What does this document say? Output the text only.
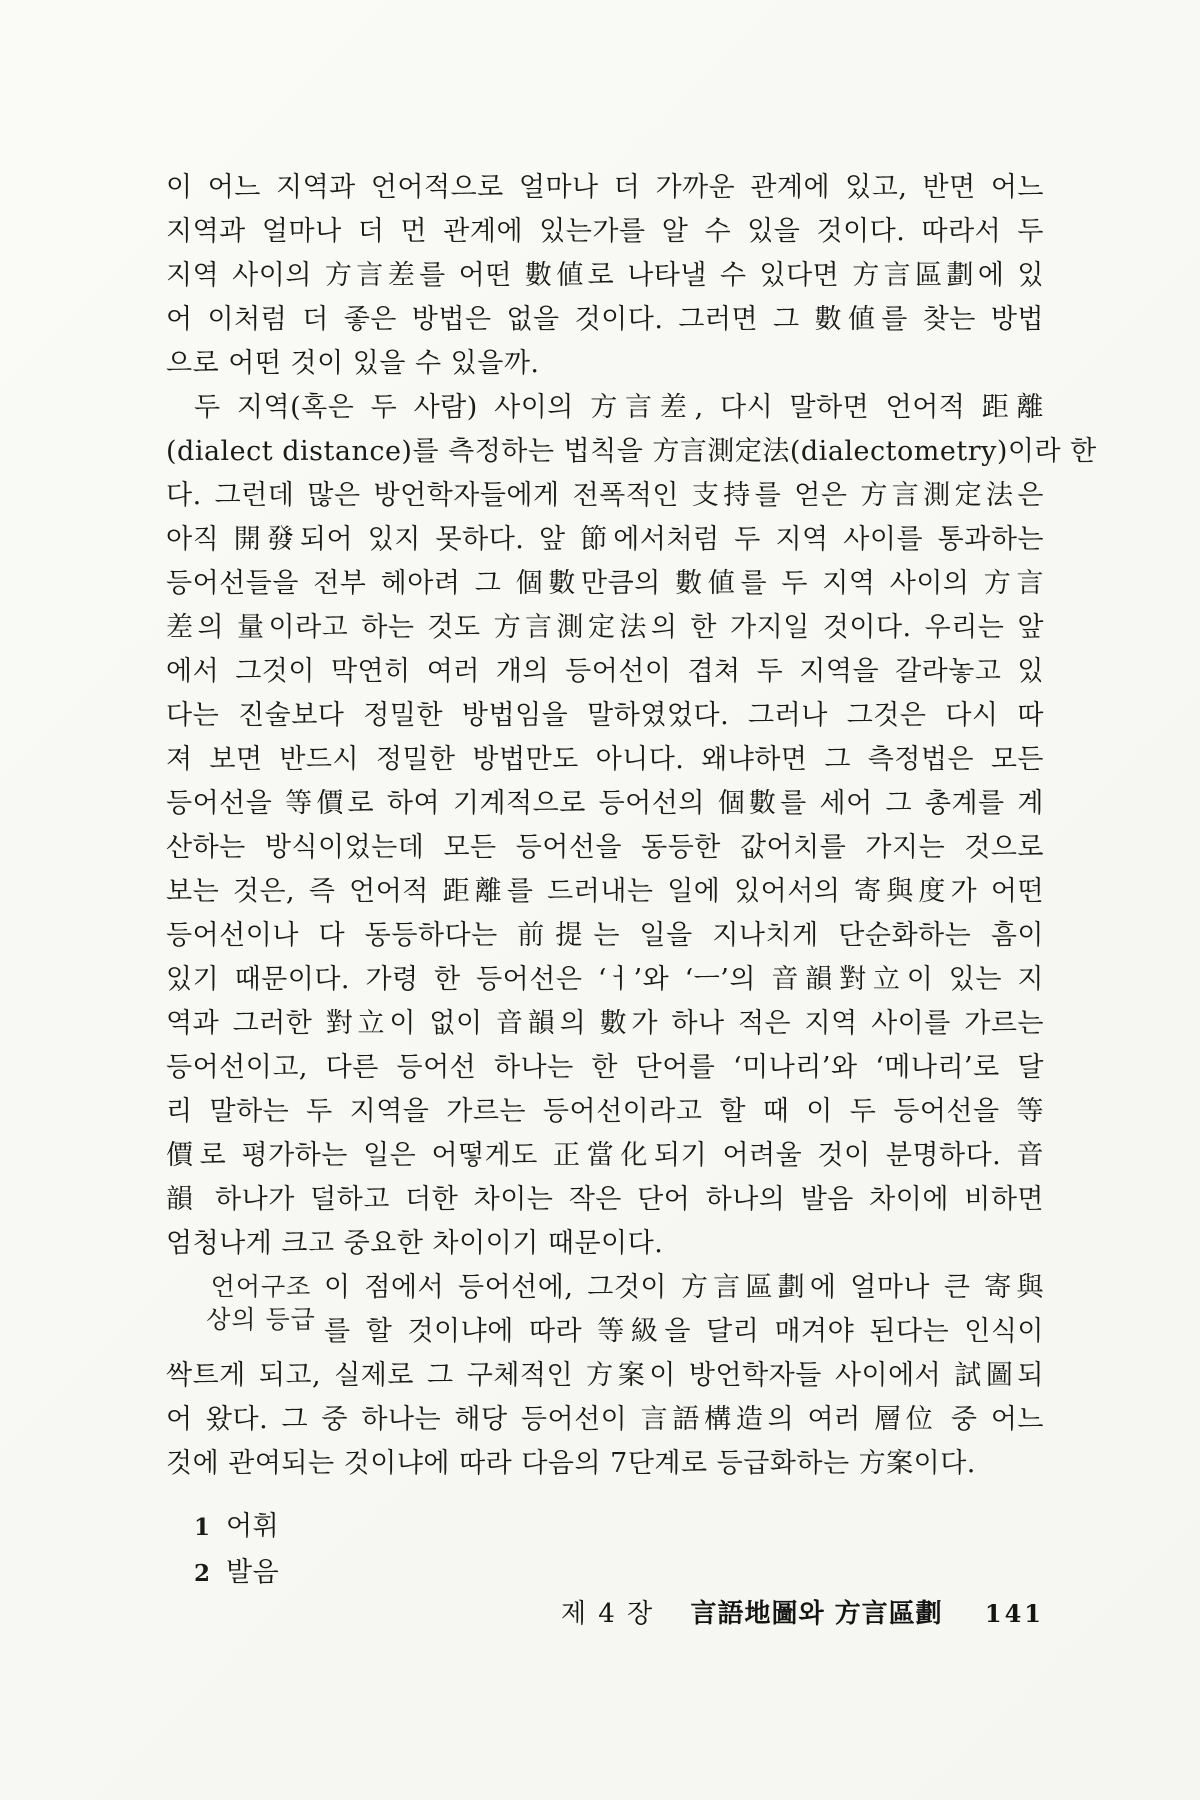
이 어느 지역과 언어적으로 얼마나 더 가까운 관계에 있고, 반면 어느
지역과 얼마나 더 먼 관계에 있는가를 알 수 있을 것이다. 따라서 두
지역 사이의 方言差를 어떤 數値로 나타낼 수 있다면 方言區劃에 있
어 이처럼 더 좋은 방법은 없을 것이다. 그러면 그 數値를 찾는 방법
으로 어떤 것이 있을 수 있을까.
두 지역(혹은 두 사람) 사이의 方言差, 다시 말하면 언어적 距離
(dialect distance)를 측정하는 법칙을 方言測定法(dialectometry)이라 한
다. 그런데 많은 방언학자들에게 전폭적인 支持를 얻은 方言測定法은
아직 開發되어 있지 못하다. 앞 節에서처럼 두 지역 사이를 통과하는
등어선들을 전부 헤아려 그 個數만큼의 數値를 두 지역 사이의 方言
差의 量이라고 하는 것도 方言測定法의 한 가지일 것이다. 우리는 앞
에서 그것이 막연히 여러 개의 등어선이 겹쳐 두 지역을 갈라놓고 있
다는 진술보다 정밀한 방법임을 말하였었다. 그러나 그것은 다시 따
져 보면 반드시 정밀한 방법만도 아니다. 왜냐하면 그 측정법은 모든
등어선을 等價로 하여 기계적으로 등어선의 個數를 세어 그 총계를 계
산하는 방식이었는데 모든 등어선을 동등한 값어치를 가지는 것으로
보는 것은, 즉 언어적 距離를 드러내는 일에 있어서의 寄與度가 어떤
등어선이나 다 동등하다는 前提는 일을 지나치게 단순화하는 흠이
있기 때문이다. 가령 한 등어선은 ‘ㅓ’와 ‘ㅡ’의 音韻對立이 있는 지
역과 그러한 對立이 없이 音韻의 數가 하나 적은 지역 사이를 가르는
등어선이고, 다른 등어선 하나는 한 단어를 ‘미나리’와 ‘메나리’로 달
리 말하는 두 지역을 가르는 등어선이라고 할 때 이 두 등어선을 等
價로 평가하는 일은 어떻게도 正當化되기 어려울 것이 분명하다. 音
韻 하나가 덜하고 더한 차이는 작은 단어 하나의 발음 차이에 비하면
엄청나게 크고 중요한 차이이기 때문이다.
언어구조
상의 등급
이 점에서 등어선에, 그것이 方言區劃에 얼마나 큰 寄與
를 할 것이냐에 따라 等級을 달리 매겨야 된다는 인식이
싹트게 되고, 실제로 그 구체적인 方案이 방언학자들 사이에서 試圖되
어 왔다. 그 중 하나는 해당 등어선이 言語構造의 여러 層位 중 어느
것에 관여되는 것이냐에 따라 다음의 7단계로 등급화하는 方案이다.
1 어휘
2 발음
제 4 장 言語地圖와 方言區劃 141
